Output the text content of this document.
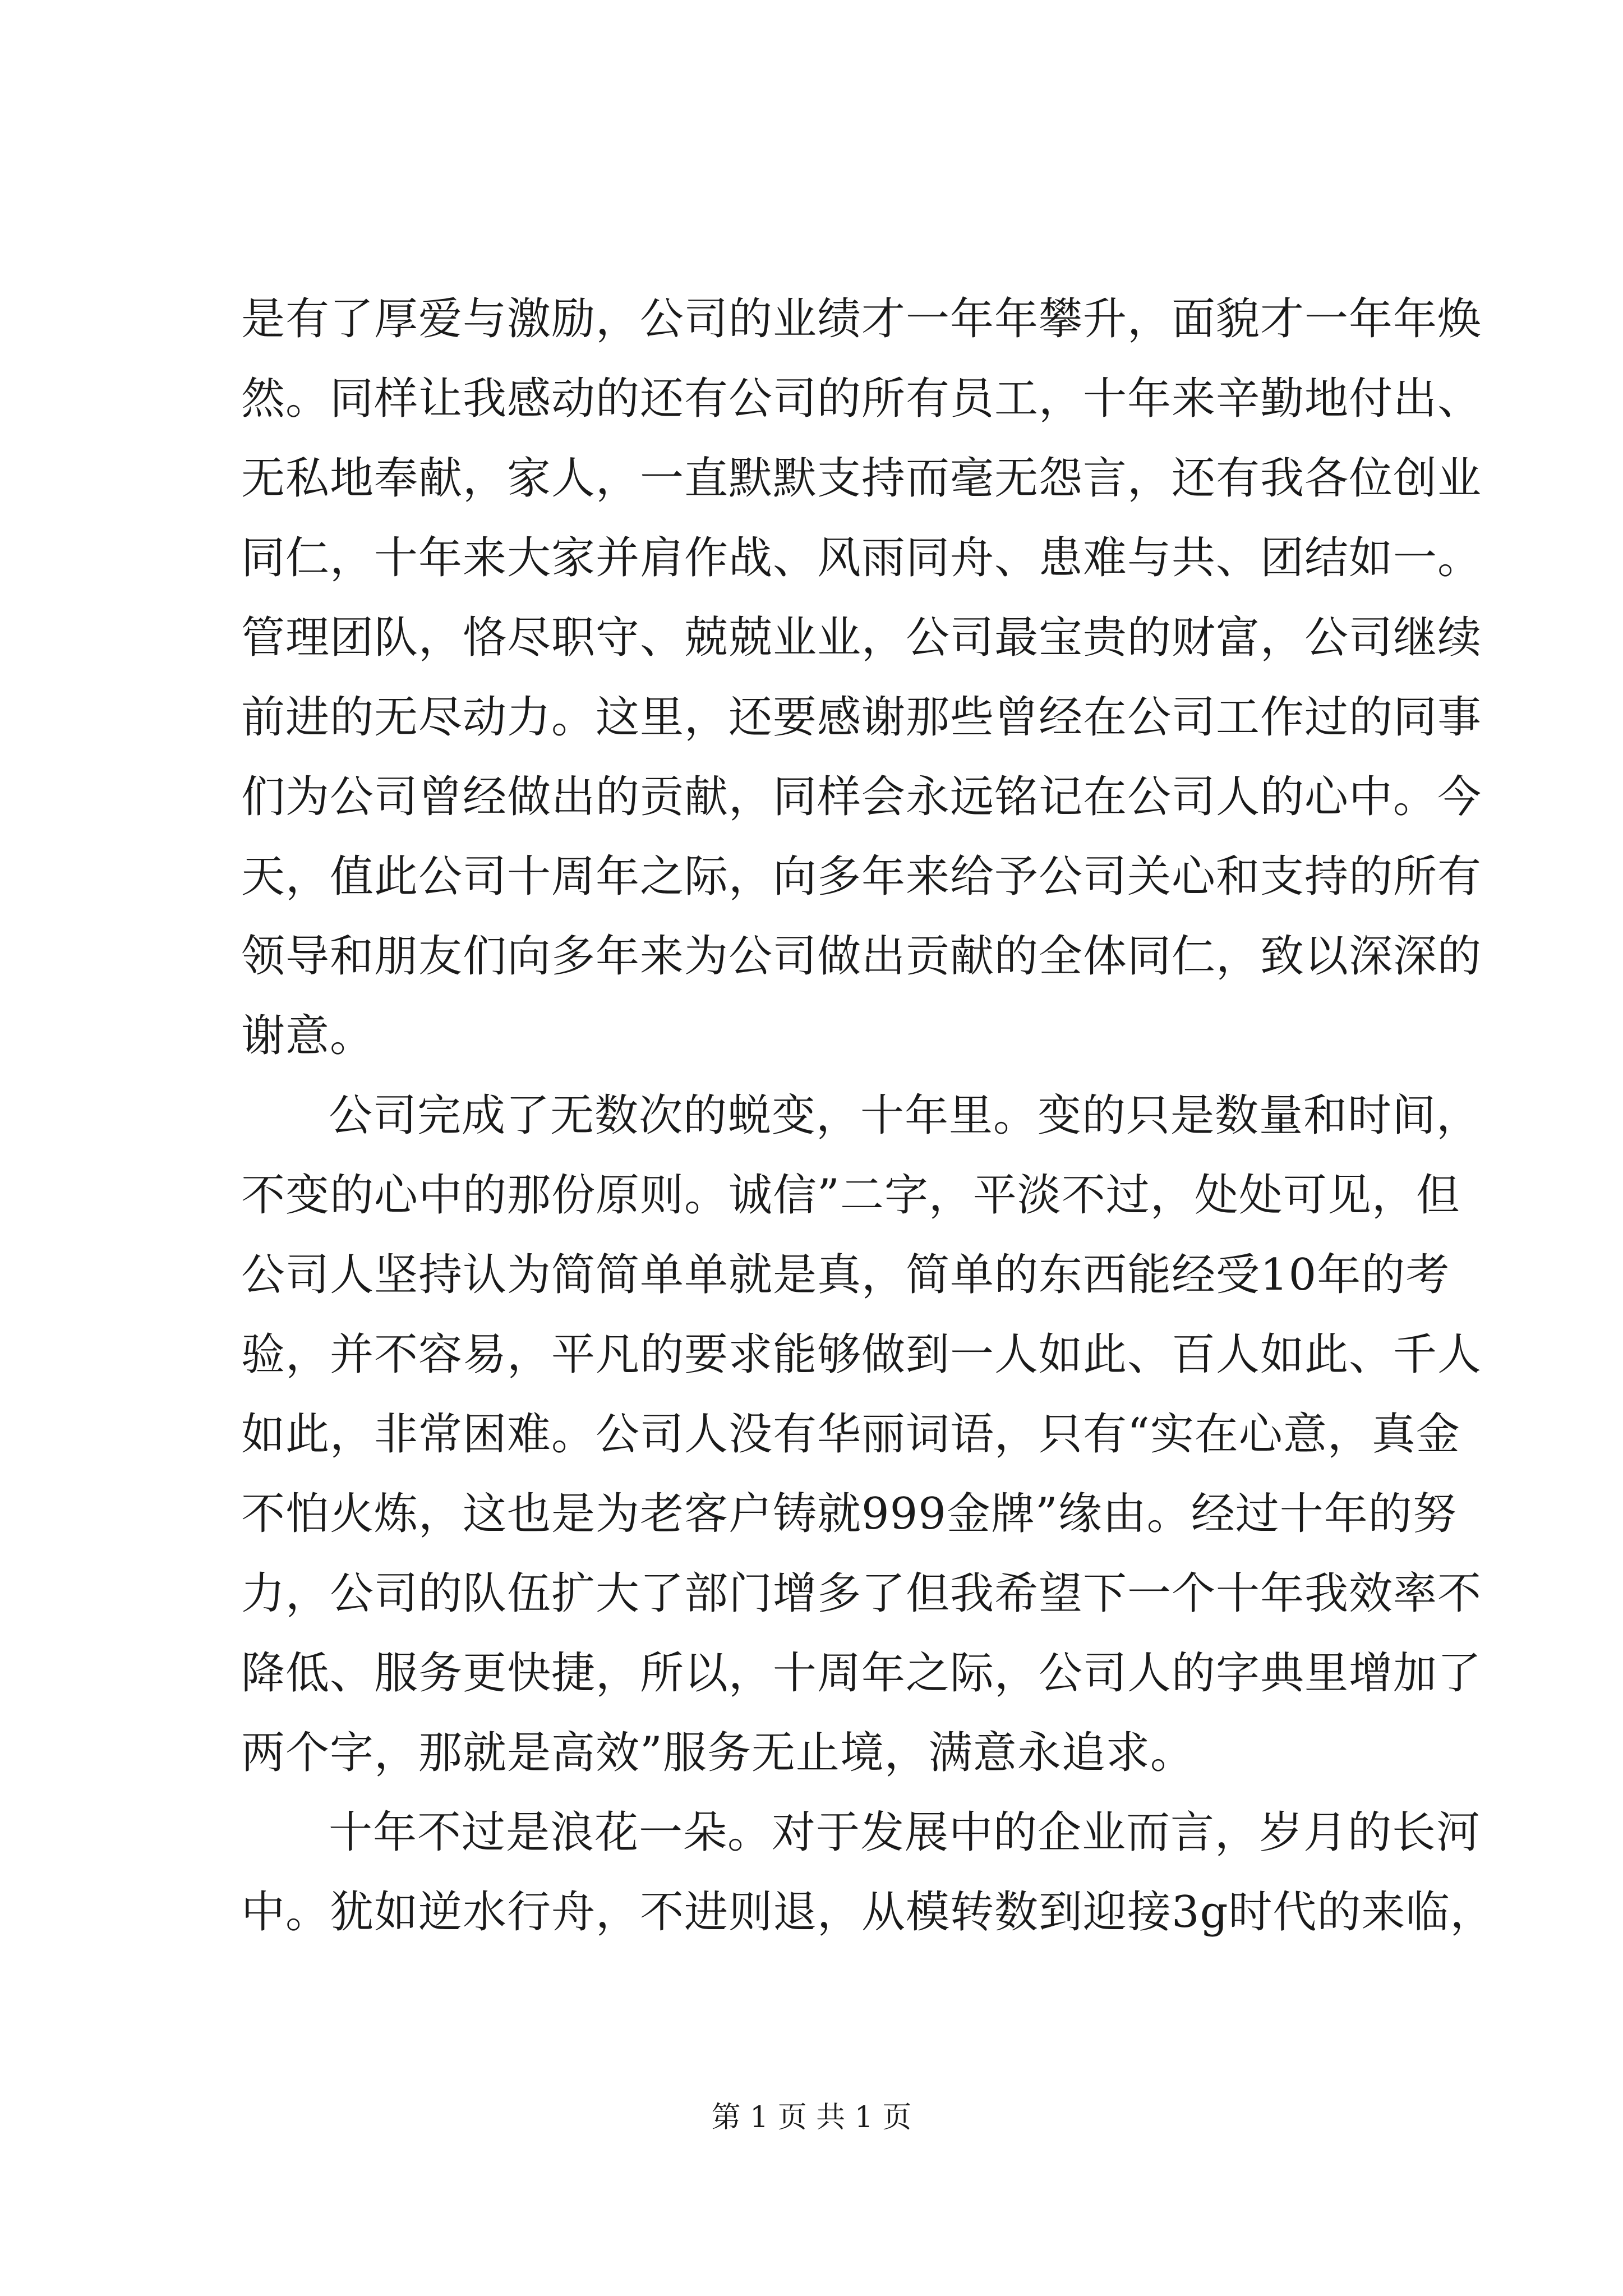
是有了厚爱与激励，公司的业绩才一年年攀升，面貌才一年年焕
然。同样让我感动的还有公司的所有员工，十年来辛勤地付出、
无私地奉献，家人，一直默默支持而毫无怨言，还有我各位创业
同仁，十年来大家并肩作战、风雨同舟、患难与共、团结如一。
管理团队，恪尽职守、兢兢业业，公司最宝贵的财富，公司继续
前进的无尽动力。这里，还要感谢那些曾经在公司工作过的同事
们为公司曾经做出的贡献，同样会永远铭记在公司人的心中。今
天，值此公司十周年之际，向多年来给予公司关心和支持的所有
领导和朋友们向多年来为公司做出贡献的全体同仁，致以深深的
谢意。
公司完成了无数次的蜕变，十年里。变的只是数量和时间，
不变的心中的那份原则。诚信”二字，平淡不过，处处可见，但
公司人坚持认为简简单单就是真，简单的东西能经受10年的考
验，并不容易，平凡的要求能够做到一人如此、百人如此、千人
如此，非常困难。公司人没有华丽词语，只有“实在心意，真金
不怕火炼，这也是为老客户铸就999金牌”缘由。经过十年的努
力，公司的队伍扩大了部门增多了但我希望下一个十年我效率不
降低、服务更快捷，所以，十周年之际，公司人的字典里增加了
两个字，那就是高效”服务无止境，满意永追求。
十年不过是浪花一朵。对于发展中的企业而言，岁月的长河
中。犹如逆水行舟，不进则退，从模转数到迎接3g时代的来临，
第 1 页 共 1 页
